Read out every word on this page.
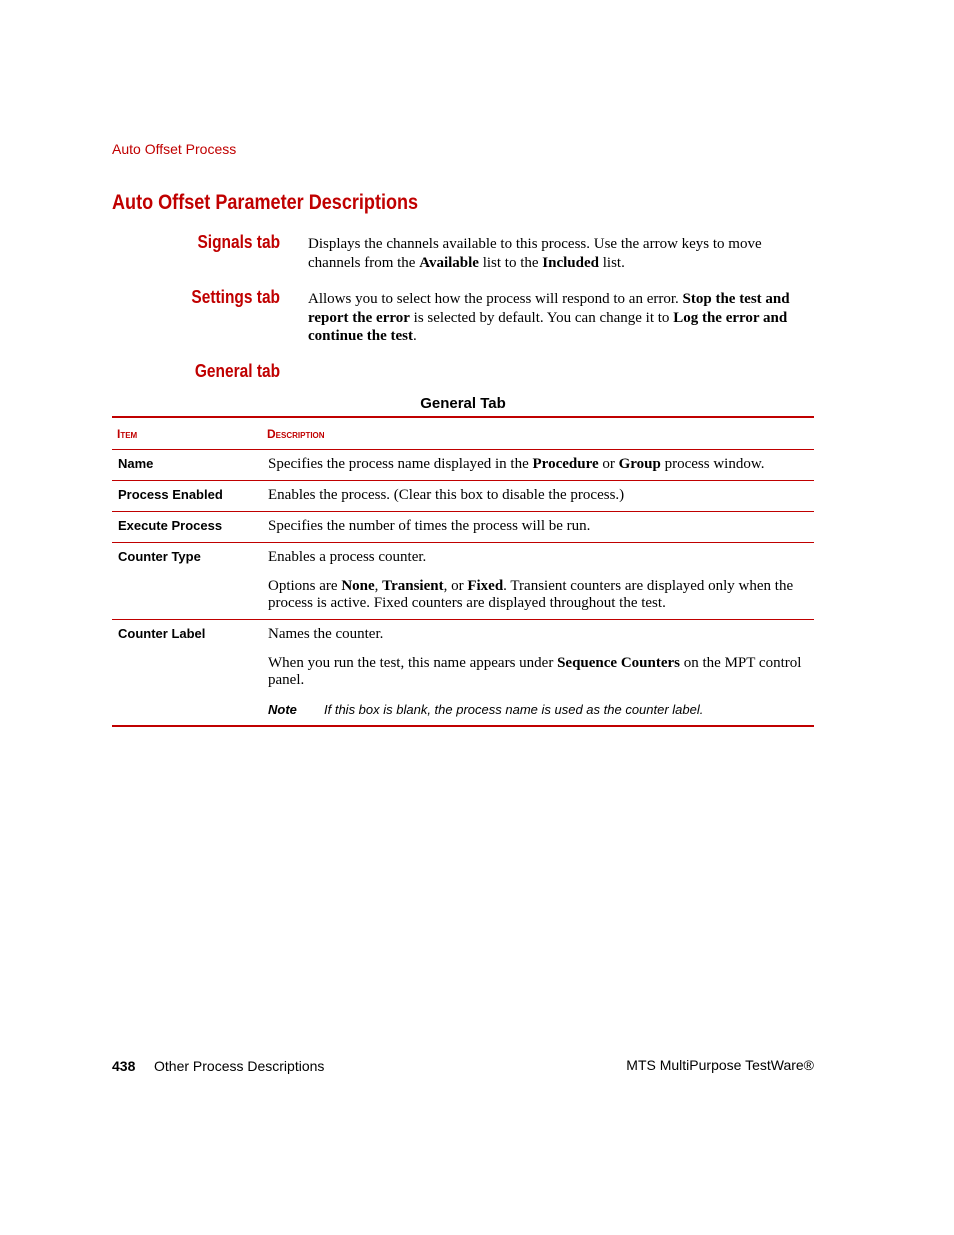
Auto Offset Process
Auto Offset Parameter Descriptions
Signals tab Displays the channels available to this process. Use the arrow keys to move channels from the Available list to the Included list.
Settings tab Allows you to select how the process will respond to an error. Stop the test and report the error is selected by default. You can change it to Log the error and continue the test.
General tab
General Tab
Item	Description
Name	Specifies the process name displayed in the Procedure or Group process window.
Process Enabled	Enables the process. (Clear this box to disable the process.)
Execute Process	Specifies the number of times the process will be run.
Counter Type	Enables a process counter.

Options are None, Transient, or Fixed. Transient counters are displayed only when the process is active. Fixed counters are displayed throughout the test.

Counter Label	Names the counter.

When you run the test, this name appears under Sequence Counters on the MPT control panel.

Note If this box is blank, the process name is used as the counter label.

438 Other Process Descriptions	MTS MultiPurpose TestWare®
